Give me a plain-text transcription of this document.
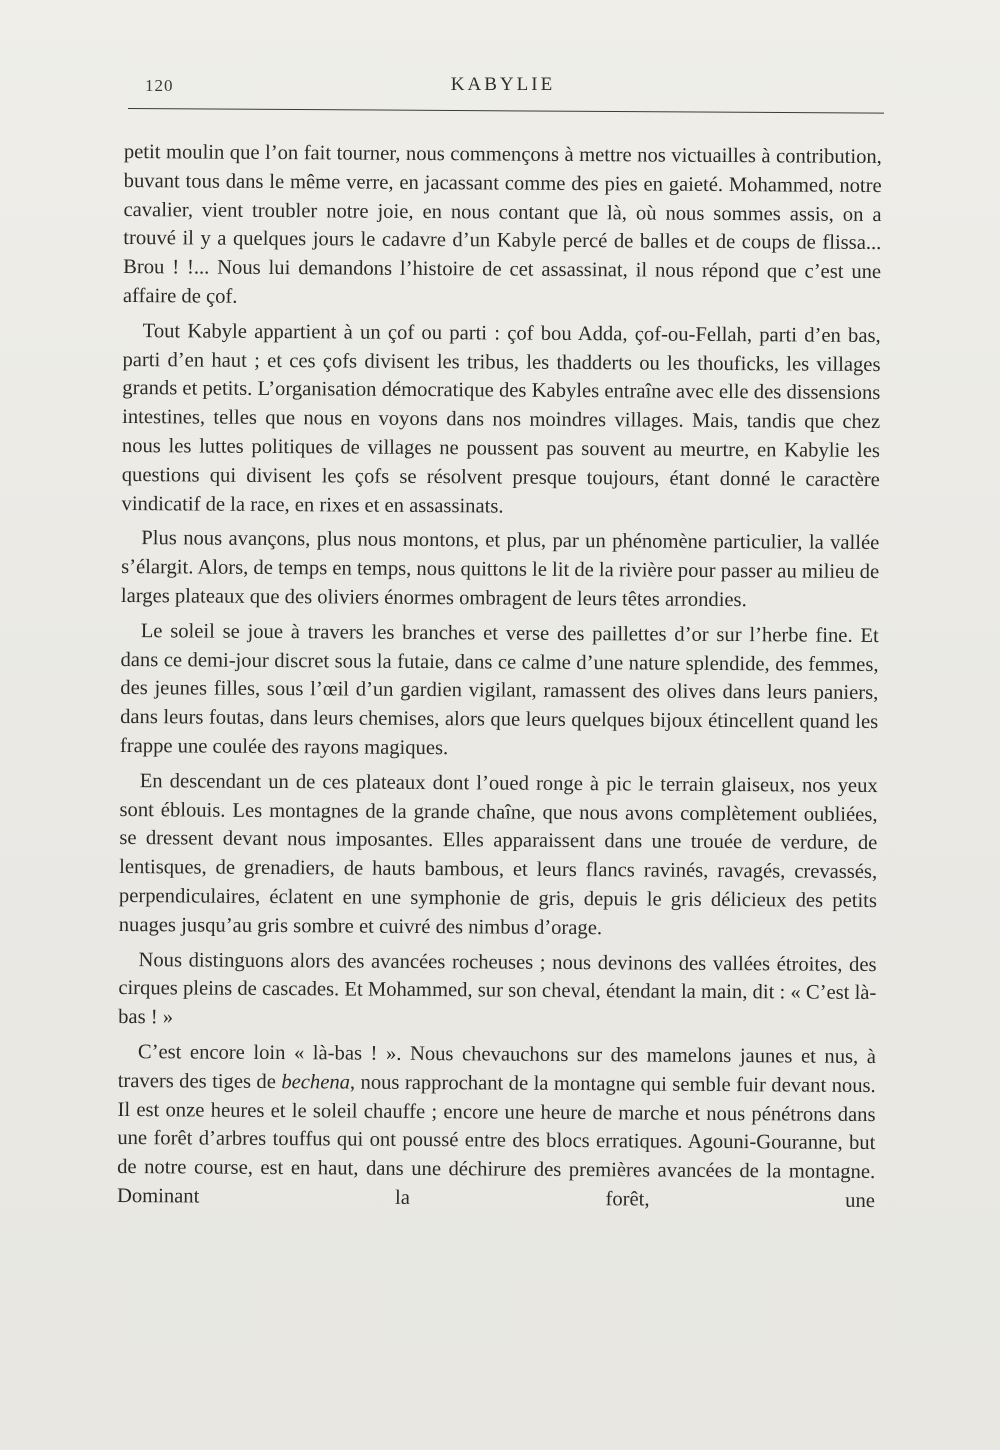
120	KABYLIE

petit moulin que l’on fait tourner, nous commençons à mettre nos victuailles à contribution, buvant tous dans le même verre, en jacassant comme des pies en gaieté. Mohammed, notre cavalier, vient troubler notre joie, en nous contant que là, où nous sommes assis, on a trouvé il y a quelques jours le cadavre d’un Kabyle percé de balles et de coups de flissa... Brou ! !... Nous lui demandons l’histoire de cet assassinat, il nous répond que c’est une affaire de çof.

Tout Kabyle appartient à un çof ou parti : çof bou Adda, çof-ou-Fellah, parti d’en bas, parti d’en haut ; et ces çofs divisent les tribus, les thadderts ou les thouficks, les villages grands et petits. L’organisation démocratique des Kabyles entraîne avec elle des dissensions intestines, telles que nous en voyons dans nos moindres villages. Mais, tandis que chez nous les luttes politiques de villages ne poussent pas souvent au meurtre, en Kabylie les questions qui divisent les çofs se résolvent presque toujours, étant donné le caractère vindicatif de la race, en rixes et en assassinats.

Plus nous avançons, plus nous montons, et plus, par un phénomène particulier, la vallée s’élargit. Alors, de temps en temps, nous quittons le lit de la rivière pour passer au milieu de larges plateaux que des oliviers énormes ombragent de leurs têtes arrondies.

Le soleil se joue à travers les branches et verse des paillettes d’or sur l’herbe fine. Et dans ce demi-jour discret sous la futaie, dans ce calme d’une nature splendide, des femmes, des jeunes filles, sous l’œil d’un gardien vigilant, ramassent des olives dans leurs paniers, dans leurs foutas, dans leurs chemises, alors que leurs quelques bijoux étincellent quand les frappe une coulée des rayons magiques.

En descendant un de ces plateaux dont l’oued ronge à pic le terrain glaiseux, nos yeux sont éblouis. Les montagnes de la grande chaîne, que nous avons complètement oubliées, se dressent devant nous imposantes. Elles apparaissent dans une trouée de verdure, de lentisques, de grenadiers, de hauts bambous, et leurs flancs ravinés, ravagés, crevassés, perpendiculaires, éclatent en une symphonie de gris, depuis le gris délicieux des petits nuages jusqu’au gris sombre et cuivré des nimbus d’orage.

Nous distinguons alors des avancées rocheuses ; nous devinons des vallées étroites, des cirques pleins de cascades. Et Mohammed, sur son cheval, étendant la main, dit : « C’est là-bas ! »

C’est encore loin « là-bas ! ». Nous chevauchons sur des mamelons jaunes et nus, à travers des tiges de bechena, nous rapprochant de la montagne qui semble fuir devant nous. Il est onze heures et le soleil chauffe ; encore une heure de marche et nous pénétrons dans une forêt d’arbres touffus qui ont poussé entre des blocs erratiques. Agouni-Gouranne, but de notre course, est en haut, dans une déchirure des premières avancées de la montagne. Dominant la forêt, une
